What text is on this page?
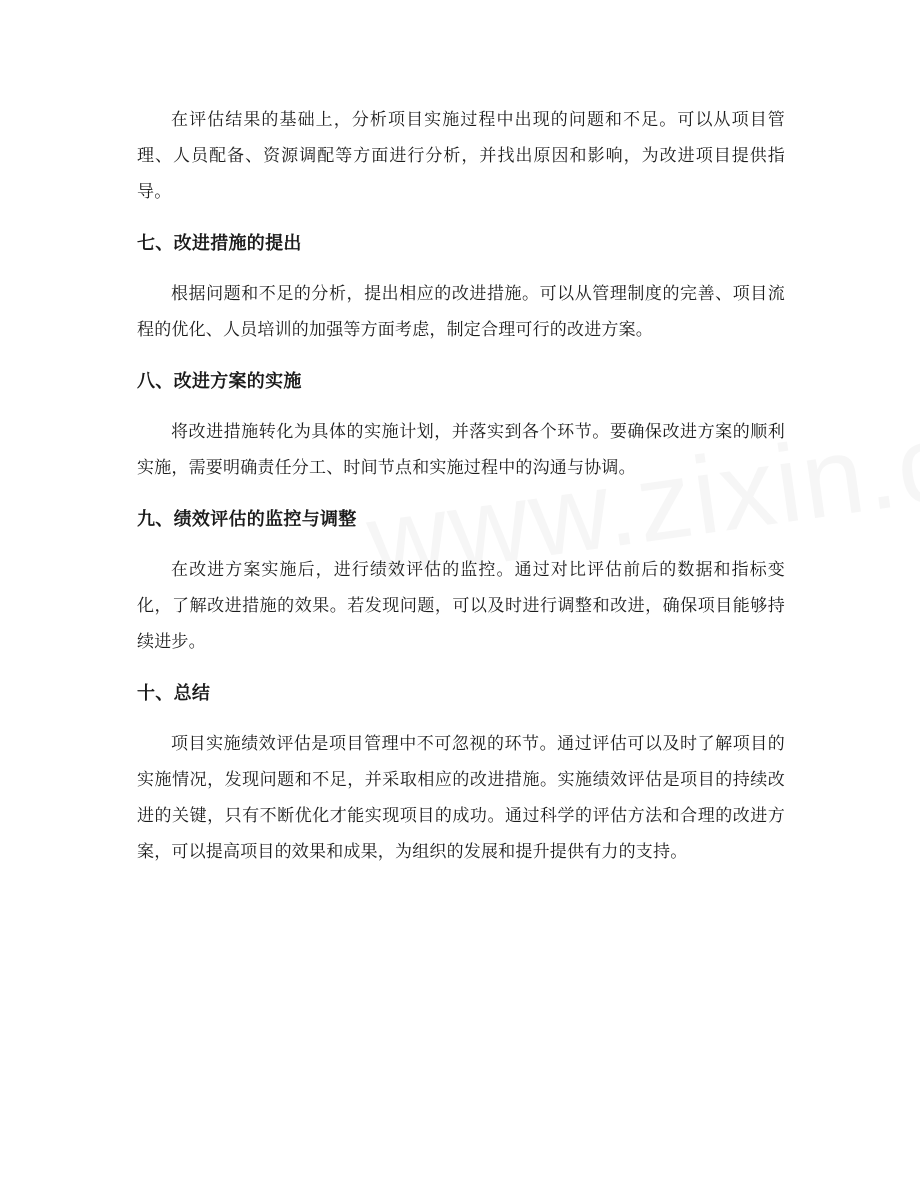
在评估结果的基础上，分析项目实施过程中出现的问题和不足。可以从项目管理、人员配备、资源调配等方面进行分析，并找出原因和影响，为改进项目提供指导。

七、改进措施的提出

根据问题和不足的分析，提出相应的改进措施。可以从管理制度的完善、项目流程的优化、人员培训的加强等方面考虑，制定合理可行的改进方案。

八、改进方案的实施

将改进措施转化为具体的实施计划，并落实到各个环节。要确保改进方案的顺利实施，需要明确责任分工、时间节点和实施过程中的沟通与协调。

九、绩效评估的监控与调整

在改进方案实施后，进行绩效评估的监控。通过对比评估前后的数据和指标变化，了解改进措施的效果。若发现问题，可以及时进行调整和改进，确保项目能够持续进步。

十、总结

项目实施绩效评估是项目管理中不可忽视的环节。通过评估可以及时了解项目的实施情况，发现问题和不足，并采取相应的改进措施。实施绩效评估是项目的持续改进的关键，只有不断优化才能实现项目的成功。通过科学的评估方法和合理的改进方案，可以提高项目的效果和成果，为组织的发展和提升提供有力的支持。
